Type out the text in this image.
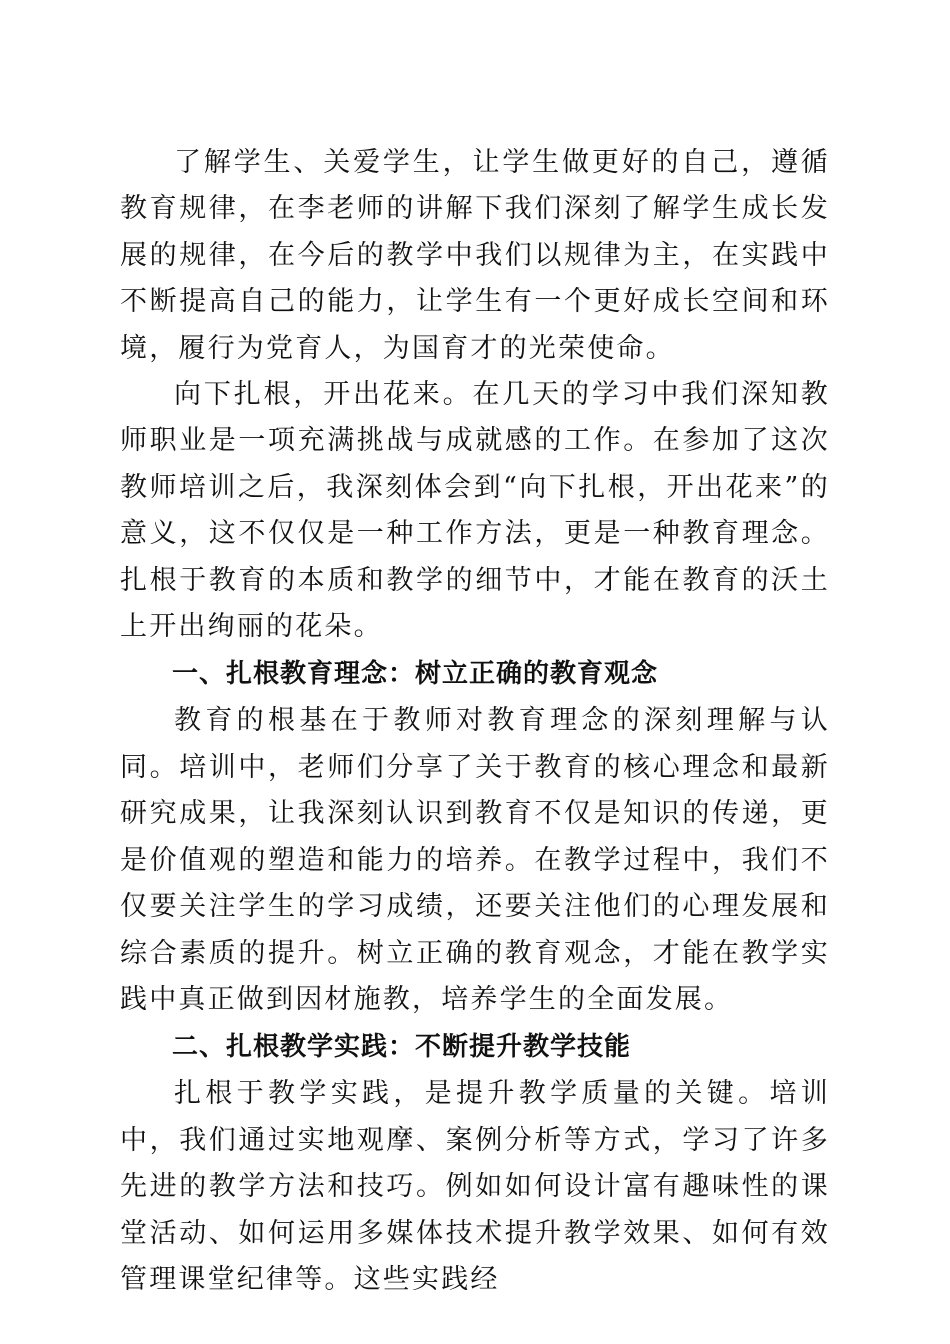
了解学生、关爱学生，让学生做更好的自己，遵循教育规律，在李老师的讲解下我们深刻了解学生成长发展的规律，在今后的教学中我们以规律为主，在实践中不断提高自己的能力，让学生有一个更好成长空间和环境，履行为党育人，为国育才的光荣使命。

向下扎根，开出花来。在几天的学习中我们深知教师职业是一项充满挑战与成就感的工作。在参加了这次教师培训之后，我深刻体会到“向下扎根，开出花来”的意义，这不仅仅是一种工作方法，更是一种教育理念。扎根于教育的本质和教学的细节中，才能在教育的沃土上开出绚丽的花朵。

一、扎根教育理念：树立正确的教育观念

教育的根基在于教师对教育理念的深刻理解与认同。培训中，老师们分享了关于教育的核心理念和最新研究成果，让我深刻认识到教育不仅是知识的传递，更是价值观的塑造和能力的培养。在教学过程中，我们不仅要关注学生的学习成绩，还要关注他们的心理发展和综合素质的提升。树立正确的教育观念，才能在教学实践中真正做到因材施教，培养学生的全面发展。

二、扎根教学实践：不断提升教学技能

扎根于教学实践，是提升教学质量的关键。培训中，我们通过实地观摩、案例分析等方式，学习了许多先进的教学方法和技巧。例如如何设计富有趣味性的课堂活动、如何运用多媒体技术提升教学效果、如何有效管理课堂纪律等。这些实践经
